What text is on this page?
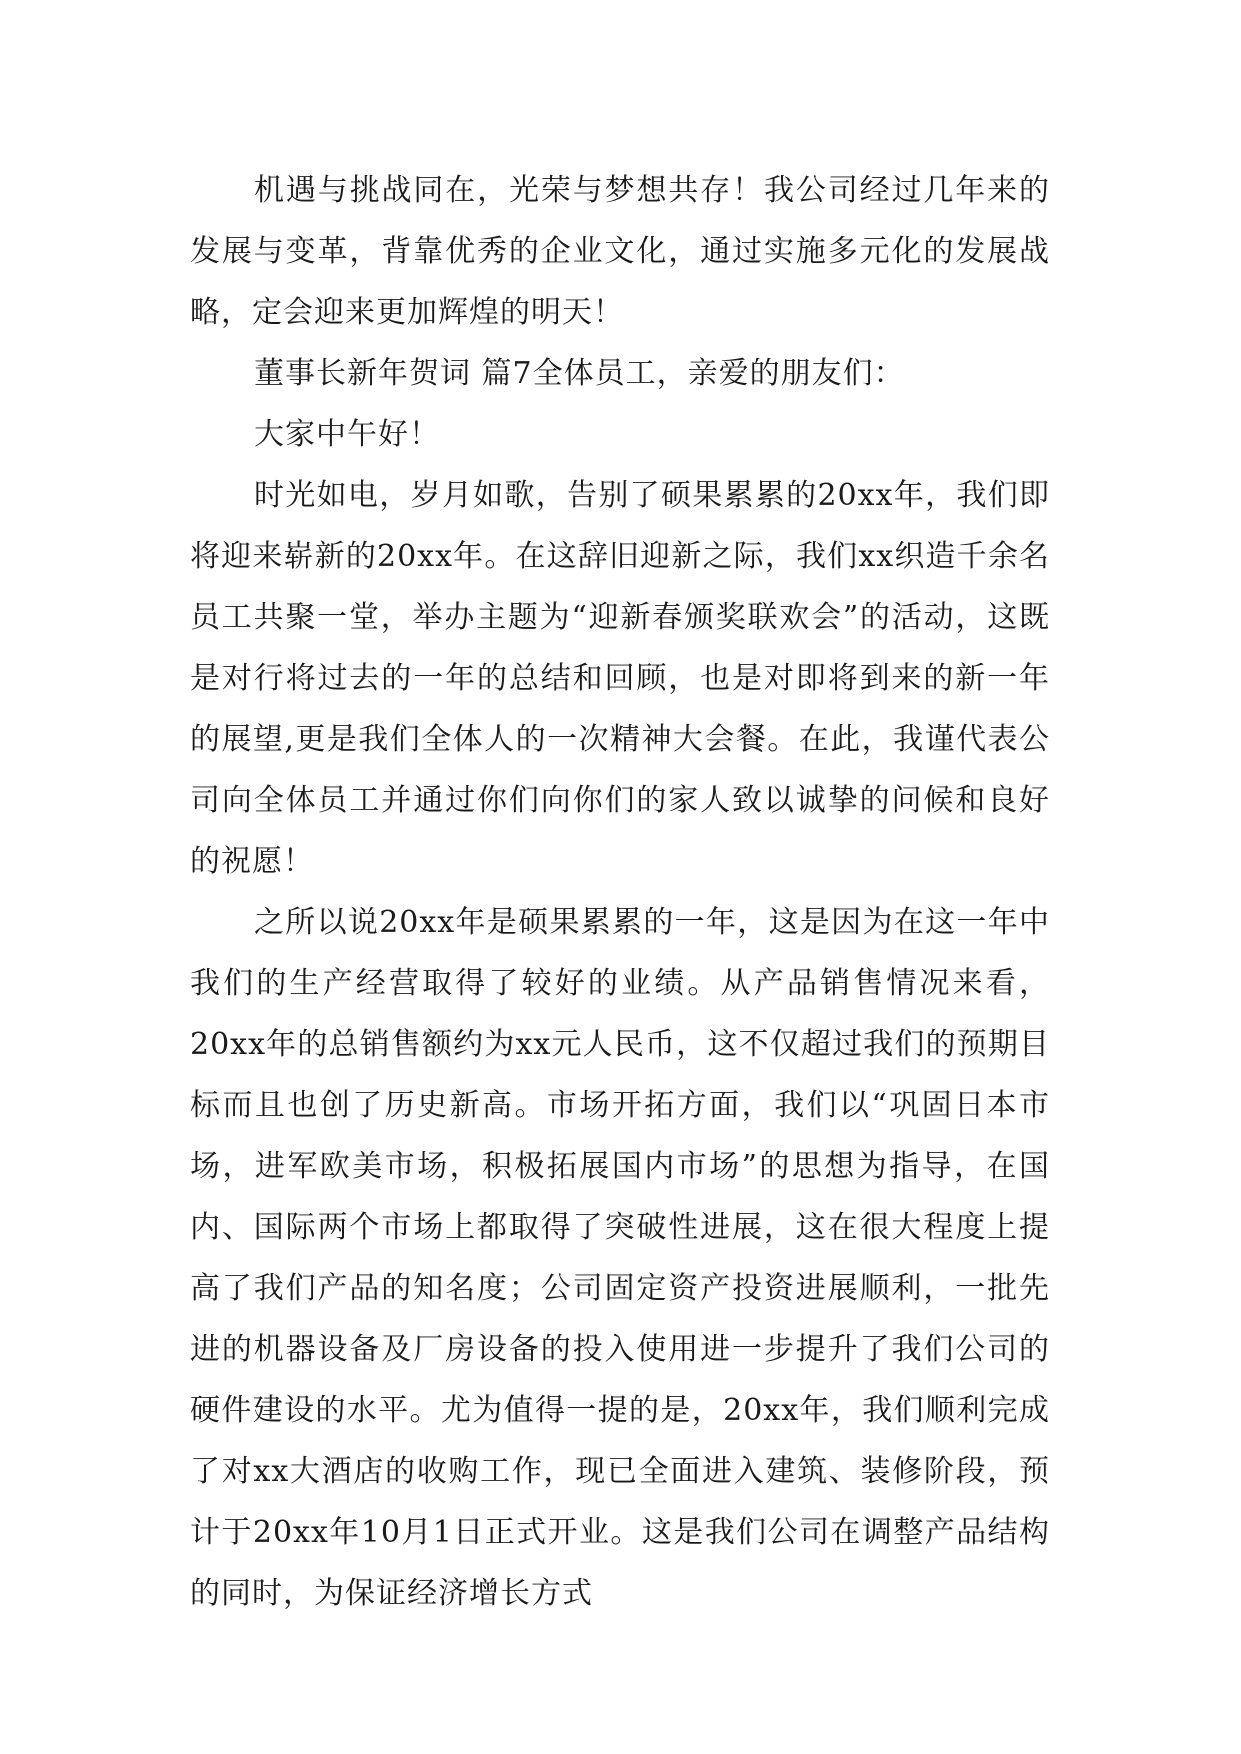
机遇与挑战同在，光荣与梦想共存！我公司经过几年来的发展与变革，背靠优秀的企业文化，通过实施多元化的发展战略，定会迎来更加辉煌的明天！

董事长新年贺词 篇7全体员工，亲爱的朋友们：

大家中午好！

时光如电，岁月如歌，告别了硕果累累的20xx年，我们即将迎来崭新的20xx年。在这辞旧迎新之际，我们xx织造千余名员工共聚一堂，举办主题为“迎新春颁奖联欢会”的活动，这既是对行将过去的一年的总结和回顾，也是对即将到来的新一年的展望,更是我们全体人的一次精神大会餐。在此，我谨代表公司向全体员工并通过你们向你们的家人致以诚挚的问候和良好的祝愿！

之所以说20xx年是硕果累累的一年，这是因为在这一年中我们的生产经营取得了较好的业绩。从产品销售情况来看，20xx年的总销售额约为xx元人民币，这不仅超过我们的预期目标而且也创了历史新高。市场开拓方面，我们以“巩固日本市场，进军欧美市场，积极拓展国内市场”的思想为指导，在国内、国际两个市场上都取得了突破性进展，这在很大程度上提高了我们产品的知名度；公司固定资产投资进展顺利，一批先进的机器设备及厂房设备的投入使用进一步提升了我们公司的硬件建设的水平。尤为值得一提的是，20xx年，我们顺利完成了对xx大酒店的收购工作，现已全面进入建筑、装修阶段，预计于20xx年10月1日正式开业。这是我们公司在调整产品结构的同时，为保证经济增长方式
